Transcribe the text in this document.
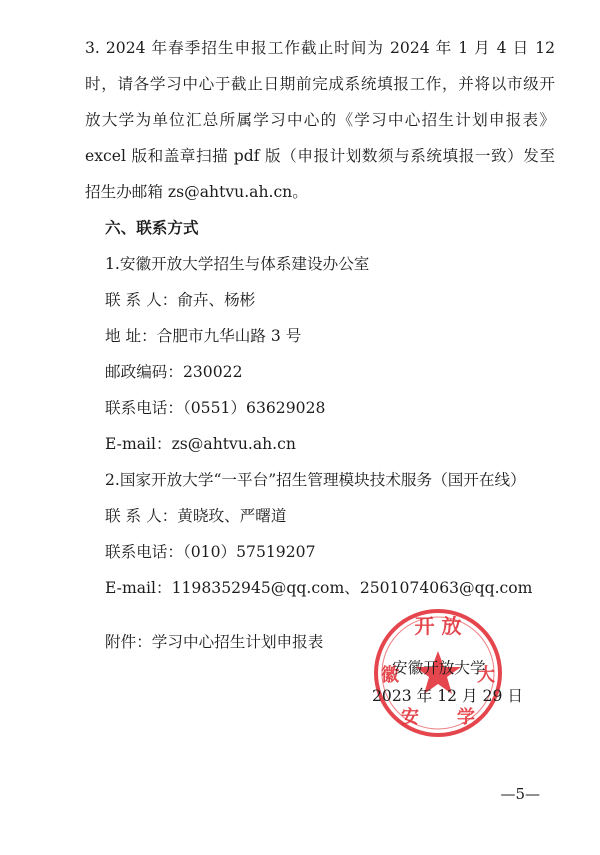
3. 2024 年春季招生申报工作截止时间为 2024 年 1 月 4 日 12
时，请各学习中心于截止日期前完成系统填报工作，并将以市级开
放大学为单位汇总所属学习中心的《学习中心招生计划申报表》
excel 版和盖章扫描 pdf 版（申报计划数须与系统填报一致）发至
招生办邮箱 zs@ahtvu.ah.cn。
六、联系方式
1.安徽开放大学招生与体系建设办公室
联 系 人：俞卉、杨彬
地 址：合肥市九华山路 3 号
邮政编码：230022
联系电话：（0551）63629028
E-mail：zs@ahtvu.ah.cn
2.国家开放大学“一平台”招生管理模块技术服务（国开在线）
联 系 人：黄晓玫、严曙道
联系电话：（010）57519207
E-mail：1198352945@qq.com、2501074063@qq.com
附件：学习中心招生计划申报表
开 放
徽	大
安 学
安徽开放大学
2023 年 12 月 29 日
—5—
